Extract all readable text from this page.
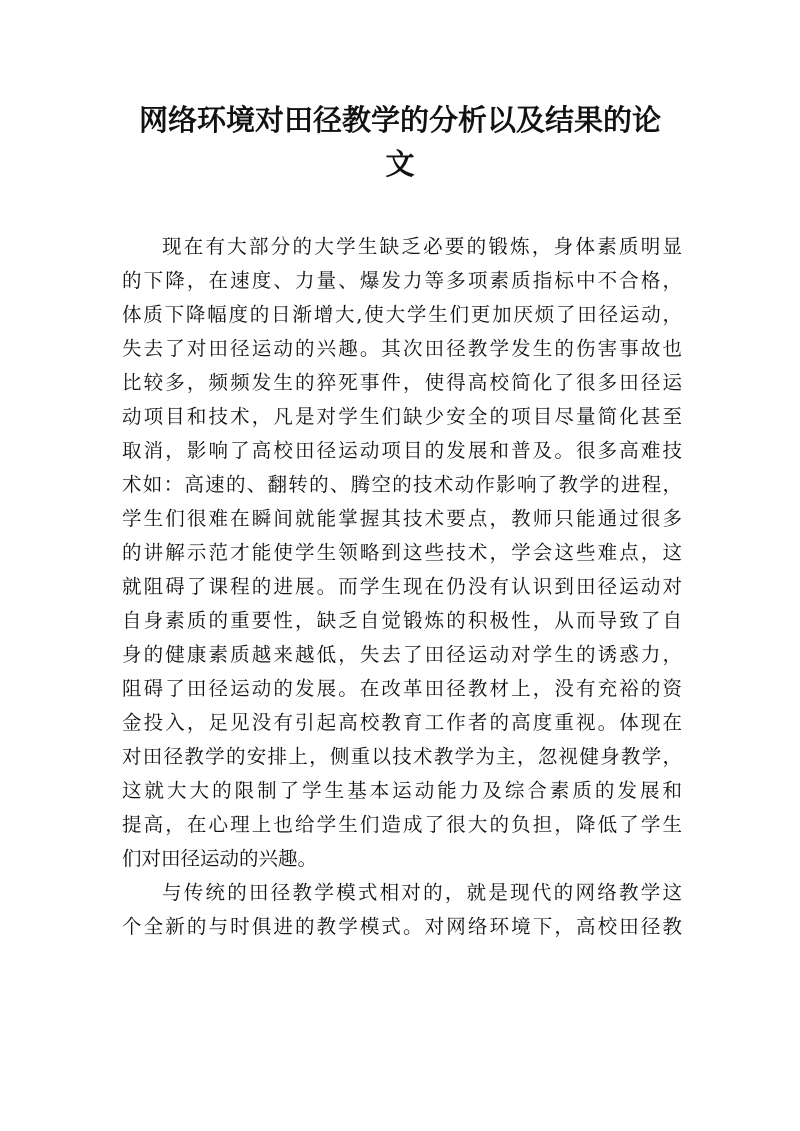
网络环境对田径教学的分析以及结果的论
文

现在有大部分的大学生缺乏必要的锻炼，身体素质明显

的下降，在速度、力量、爆发力等多项素质指标中不合格，

体质下降幅度的日渐增大,使大学生们更加厌烦了田径运动，

失去了对田径运动的兴趣。其次田径教学发生的伤害事故也

比较多，频频发生的猝死事件，使得高校简化了很多田径运

动项目和技术，凡是对学生们缺少安全的项目尽量简化甚至

取消，影响了高校田径运动项目的发展和普及。很多高难技

术如：高速的、翻转的、腾空的技术动作影响了教学的进程，

学生们很难在瞬间就能掌握其技术要点，教师只能通过很多

的讲解示范才能使学生领略到这些技术，学会这些难点，这

就阻碍了课程的进展。而学生现在仍没有认识到田径运动对

自身素质的重要性，缺乏自觉锻炼的积极性，从而导致了自

身的健康素质越来越低，失去了田径运动对学生的诱惑力，

阻碍了田径运动的发展。在改革田径教材上，没有充裕的资

金投入，足见没有引起高校教育工作者的高度重视。体现在

对田径教学的安排上，侧重以技术教学为主，忽视健身教学，

这就大大的限制了学生基本运动能力及综合素质的发展和

提高，在心理上也给学生们造成了很大的负担，降低了学生

们对田径运动的兴趣。

与传统的田径教学模式相对的，就是现代的网络教学这

个全新的与时俱进的教学模式。对网络环境下，高校田径教
